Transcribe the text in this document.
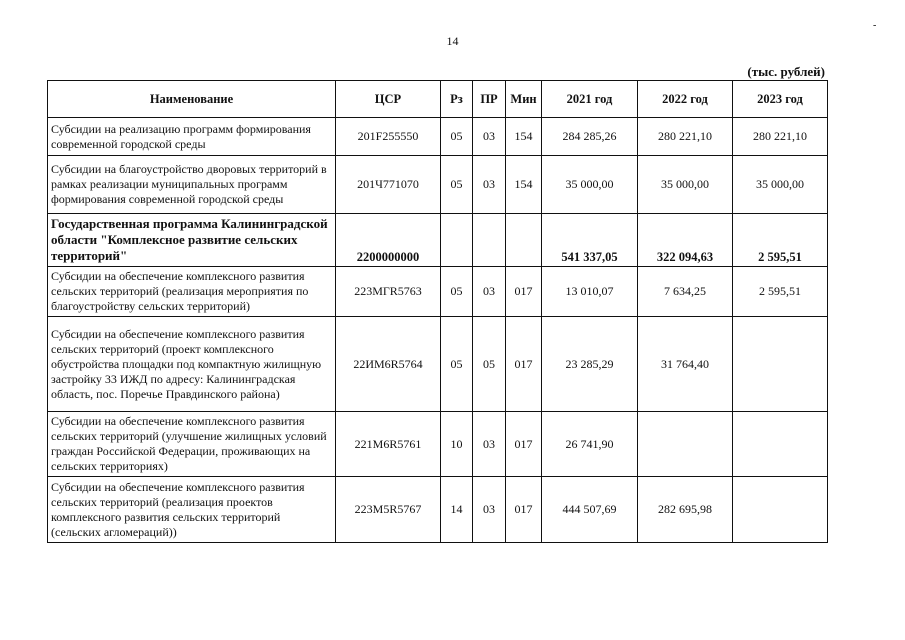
14
-
(тыс. рублей)
Наименование	ЦСР	Рз	ПР	Мин	2021 год	2022 год	2023 год
Субсидии на реализацию программ формирования современной городской среды	201F255550	05	03	154	284 285,26	280 221,10	280 221,10
Субсидии на благоустройство дворовых территорий в рамках реализации муниципальных программ формирования современной городской среды	201Ч771070	05	03	154	35 000,00	35 000,00	35 000,00
Государственная программа Калининградской области "Комплексное развитие сельских территорий"	2200000000				541 337,05	322 094,63	2 595,51
Субсидии на обеспечение комплексного развития сельских территорий (реализация мероприятия по благоустройству сельских территорий)	223МГR5763	05	03	017	13 010,07	7 634,25	2 595,51
Субсидии на обеспечение комплексного развития сельских территорий (проект комплексного обустройства площадки под компактную жилищную застройку 33 ИЖД по адресу: Калининградская область, пос. Поречье Правдинского района)	22ИМ6R5764	05	05	017	23 285,29	31 764,40	
Субсидии на обеспечение комплексного развития сельских территорий (улучшение жилищных условий граждан Российской Федерации, проживающих на сельских территориях)	221M6R5761	10	03	017	26 741,90		
Субсидии на обеспечение комплексного развития сельских территорий (реализация проектов комплексного развития сельских территорий (сельских агломераций))	223M5R5767	14	03	017	444 507,69	282 695,98	
